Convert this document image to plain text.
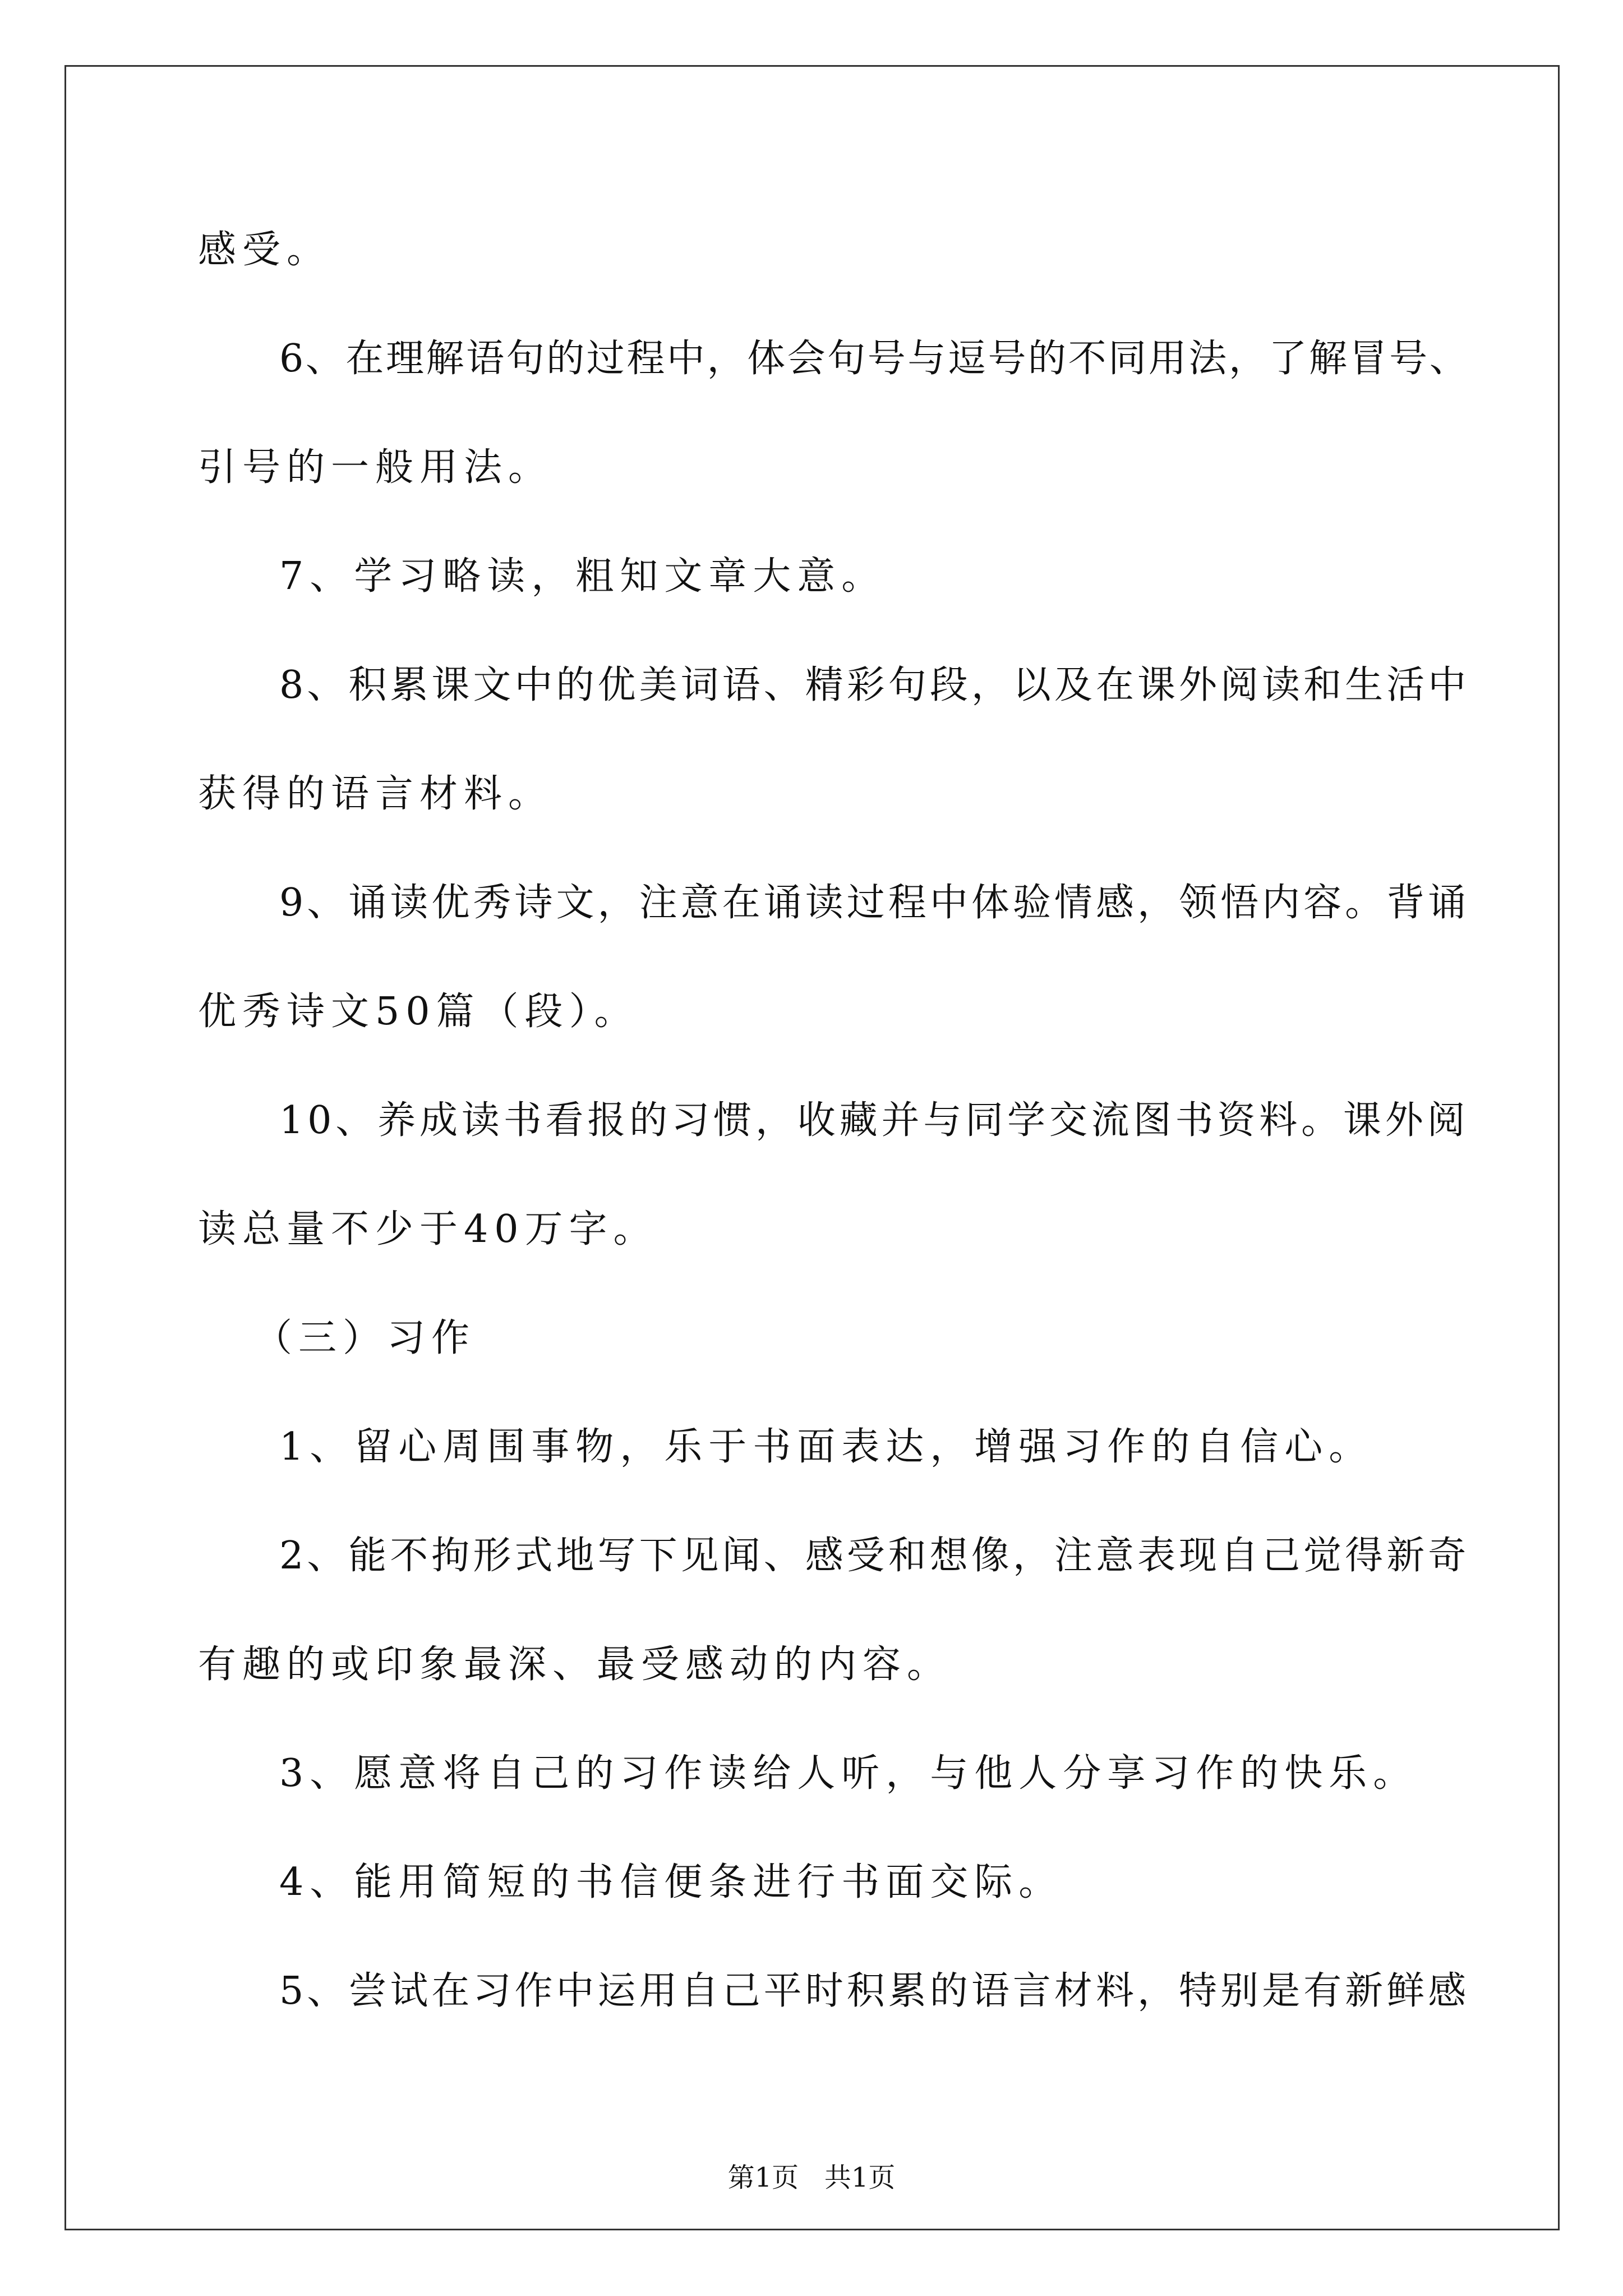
感受。
6、在理解语句的过程中，体会句号与逗号的不同用法，了解冒号、
引号的一般用法。
7、学习略读，粗知文章大意。
8、积累课文中的优美词语、精彩句段，以及在课外阅读和生活中
获得的语言材料。
9、诵读优秀诗文，注意在诵读过程中体验情感，领悟内容。背诵
优秀诗文50篇（段）。
10、养成读书看报的习惯，收藏并与同学交流图书资料。课外阅
读总量不少于40万字。
（三）习作
1、留心周围事物，乐于书面表达，增强习作的自信心。
2、能不拘形式地写下见闻、感受和想像，注意表现自己觉得新奇
有趣的或印象最深、最受感动的内容。
3、愿意将自己的习作读给人听，与他人分享习作的快乐。
4、能用简短的书信便条进行书面交际。
5、尝试在习作中运用自己平时积累的语言材料，特别是有新鲜感
第1页   共1页
